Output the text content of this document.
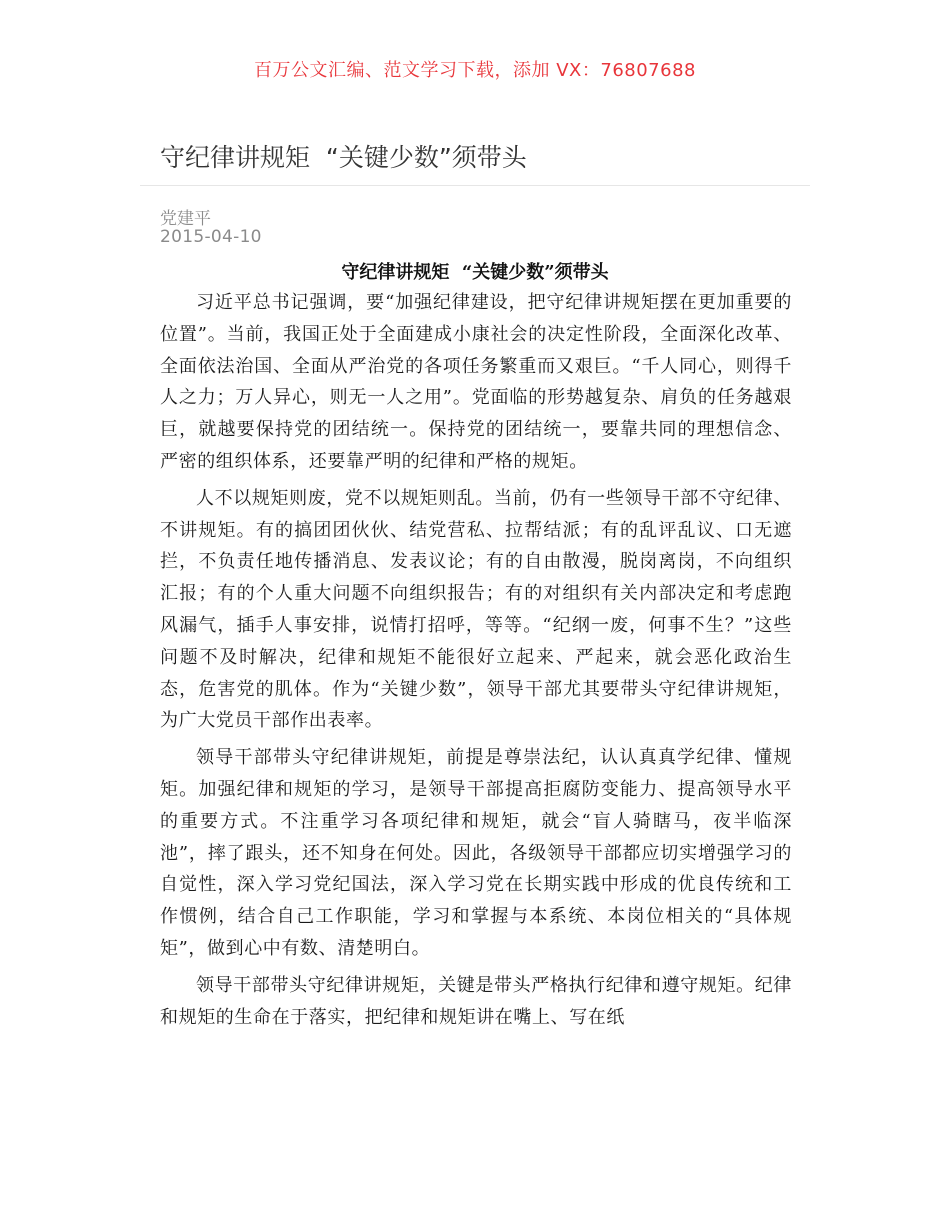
百万公文汇编、范文学习下载，添加 VX：76807688
守纪律讲规矩  “关键少数”须带头
党建平
2015-04-10
守纪律讲规矩  “关键少数”须带头

习近平总书记强调，要“加强纪律建设，把守纪律讲规矩摆在更加重要的位置”。当前，我国正处于全面建成小康社会的决定性阶段，全面深化改革、全面依法治国、全面从严治党的各项任务繁重而又艰巨。“千人同心，则得千人之力；万人异心，则无一人之用”。党面临的形势越复杂、肩负的任务越艰巨，就越要保持党的团结统一。保持党的团结统一，要靠共同的理想信念、严密的组织体系，还要靠严明的纪律和严格的规矩。

人不以规矩则废，党不以规矩则乱。当前，仍有一些领导干部不守纪律、不讲规矩。有的搞团团伙伙、结党营私、拉帮结派；有的乱评乱议、口无遮拦，不负责任地传播消息、发表议论；有的自由散漫，脱岗离岗，不向组织汇报；有的个人重大问题不向组织报告；有的对组织有关内部决定和考虑跑风漏气，插手人事安排，说情打招呼，等等。“纪纲一废，何事不生？”这些问题不及时解决，纪律和规矩不能很好立起来、严起来，就会恶化政治生态，危害党的肌体。作为“关键少数”，领导干部尤其要带头守纪律讲规矩，为广大党员干部作出表率。

领导干部带头守纪律讲规矩，前提是尊崇法纪，认认真真学纪律、懂规矩。加强纪律和规矩的学习，是领导干部提高拒腐防变能力、提高领导水平的重要方式。不注重学习各项纪律和规矩，就会“盲人骑瞎马，夜半临深池”，摔了跟头，还不知身在何处。因此，各级领导干部都应切实增强学习的自觉性，深入学习党纪国法，深入学习党在长期实践中形成的优良传统和工作惯例，结合自己工作职能，学习和掌握与本系统、本岗位相关的“具体规矩”，做到心中有数、清楚明白。

领导干部带头守纪律讲规矩，关键是带头严格执行纪律和遵守规矩。纪律和规矩的生命在于落实，把纪律和规矩讲在嘴上、写在纸
